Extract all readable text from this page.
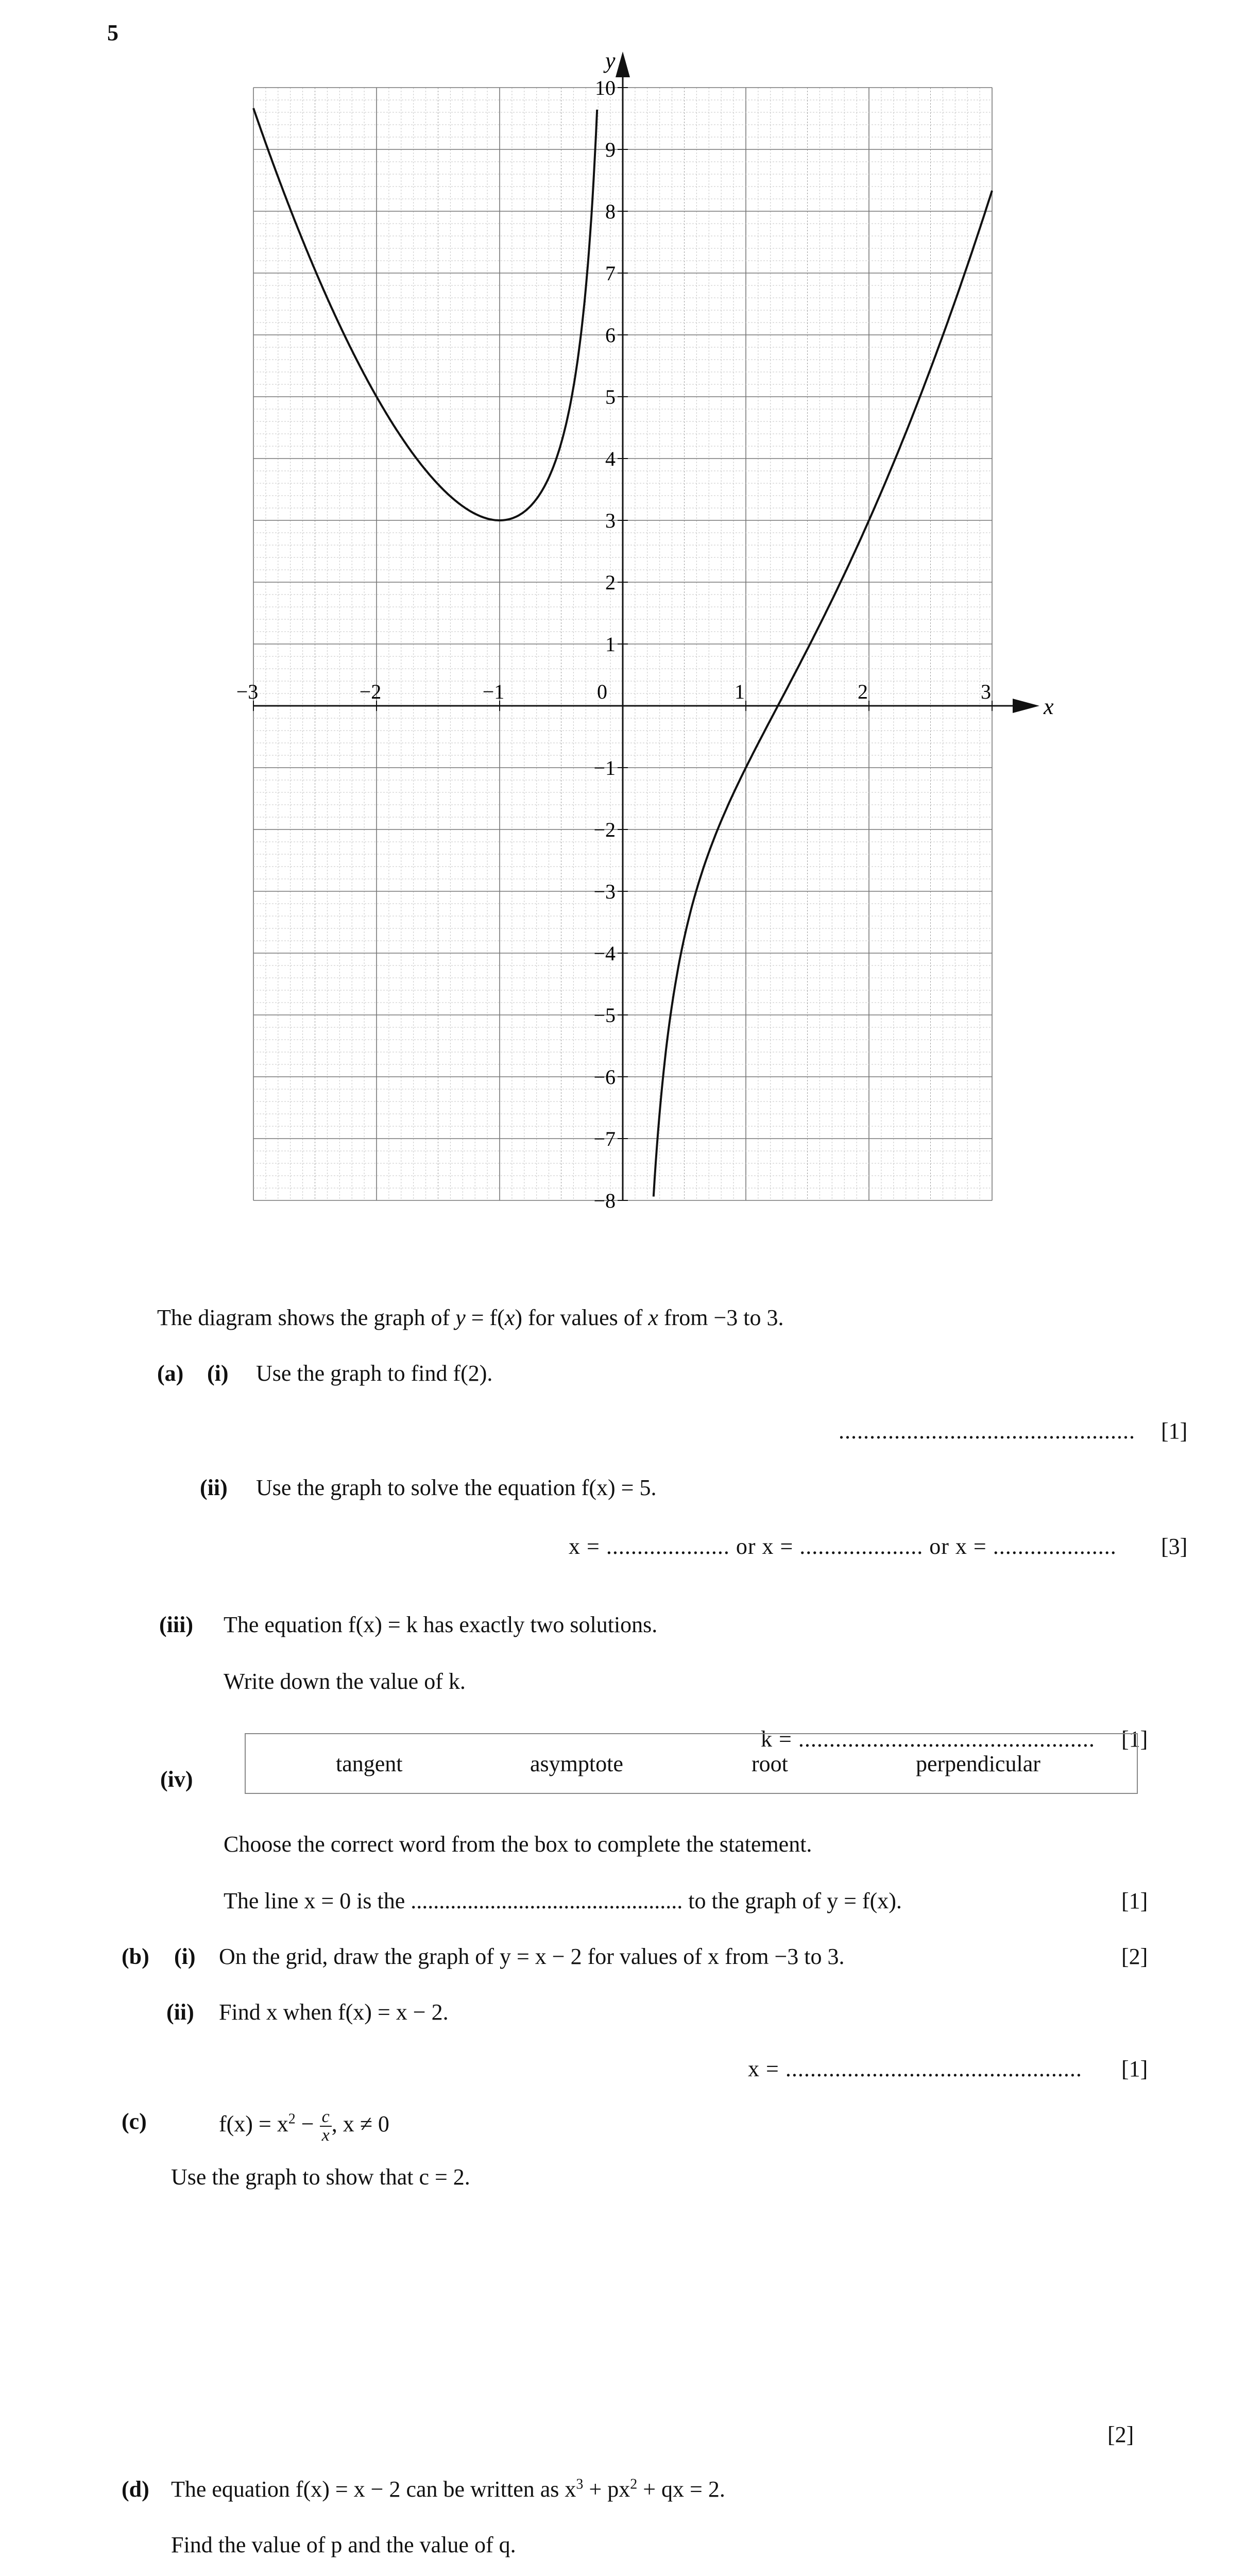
5
y
x
−3	−2	−1	0	1	2	3
10
9
8
7
6
5
4
3
2
1
−1
−2
−3
−4
−5
−6
−7
−8
The diagram shows the graph of y = f(x) for values of x from −3 to 3.
(a) (i) Use the graph to find f(2).
................................................ [1]
(ii) Use the graph to solve the equation f(x) = 5.
x = .................... or x = .................... or x = .................... [3]
(iii) The equation f(x) = k has exactly two solutions.
Write down the value of k.
k = ................................................ [1]
(iv)
tangent	asymptote	root	perpendicular
Choose the correct word from the box to complete the statement.
The line x = 0 is the ................................................ to the graph of y = f(x).	[1]
(b) (i) On the grid, draw the graph of y = x − 2 for values of x from −3 to 3.	[2]
(ii) Find x when f(x) = x − 2.
x = ................................................ [1]
(c)	$f(x) = x^2 - \frac{c}{x}$ , x ≠ 0
Use the graph to show that c = 2.
[2]
(d) The equation f(x) = x − 2 can be written as $x^3 + px^2$ + qx = 2.
Find the value of p and the value of q.
